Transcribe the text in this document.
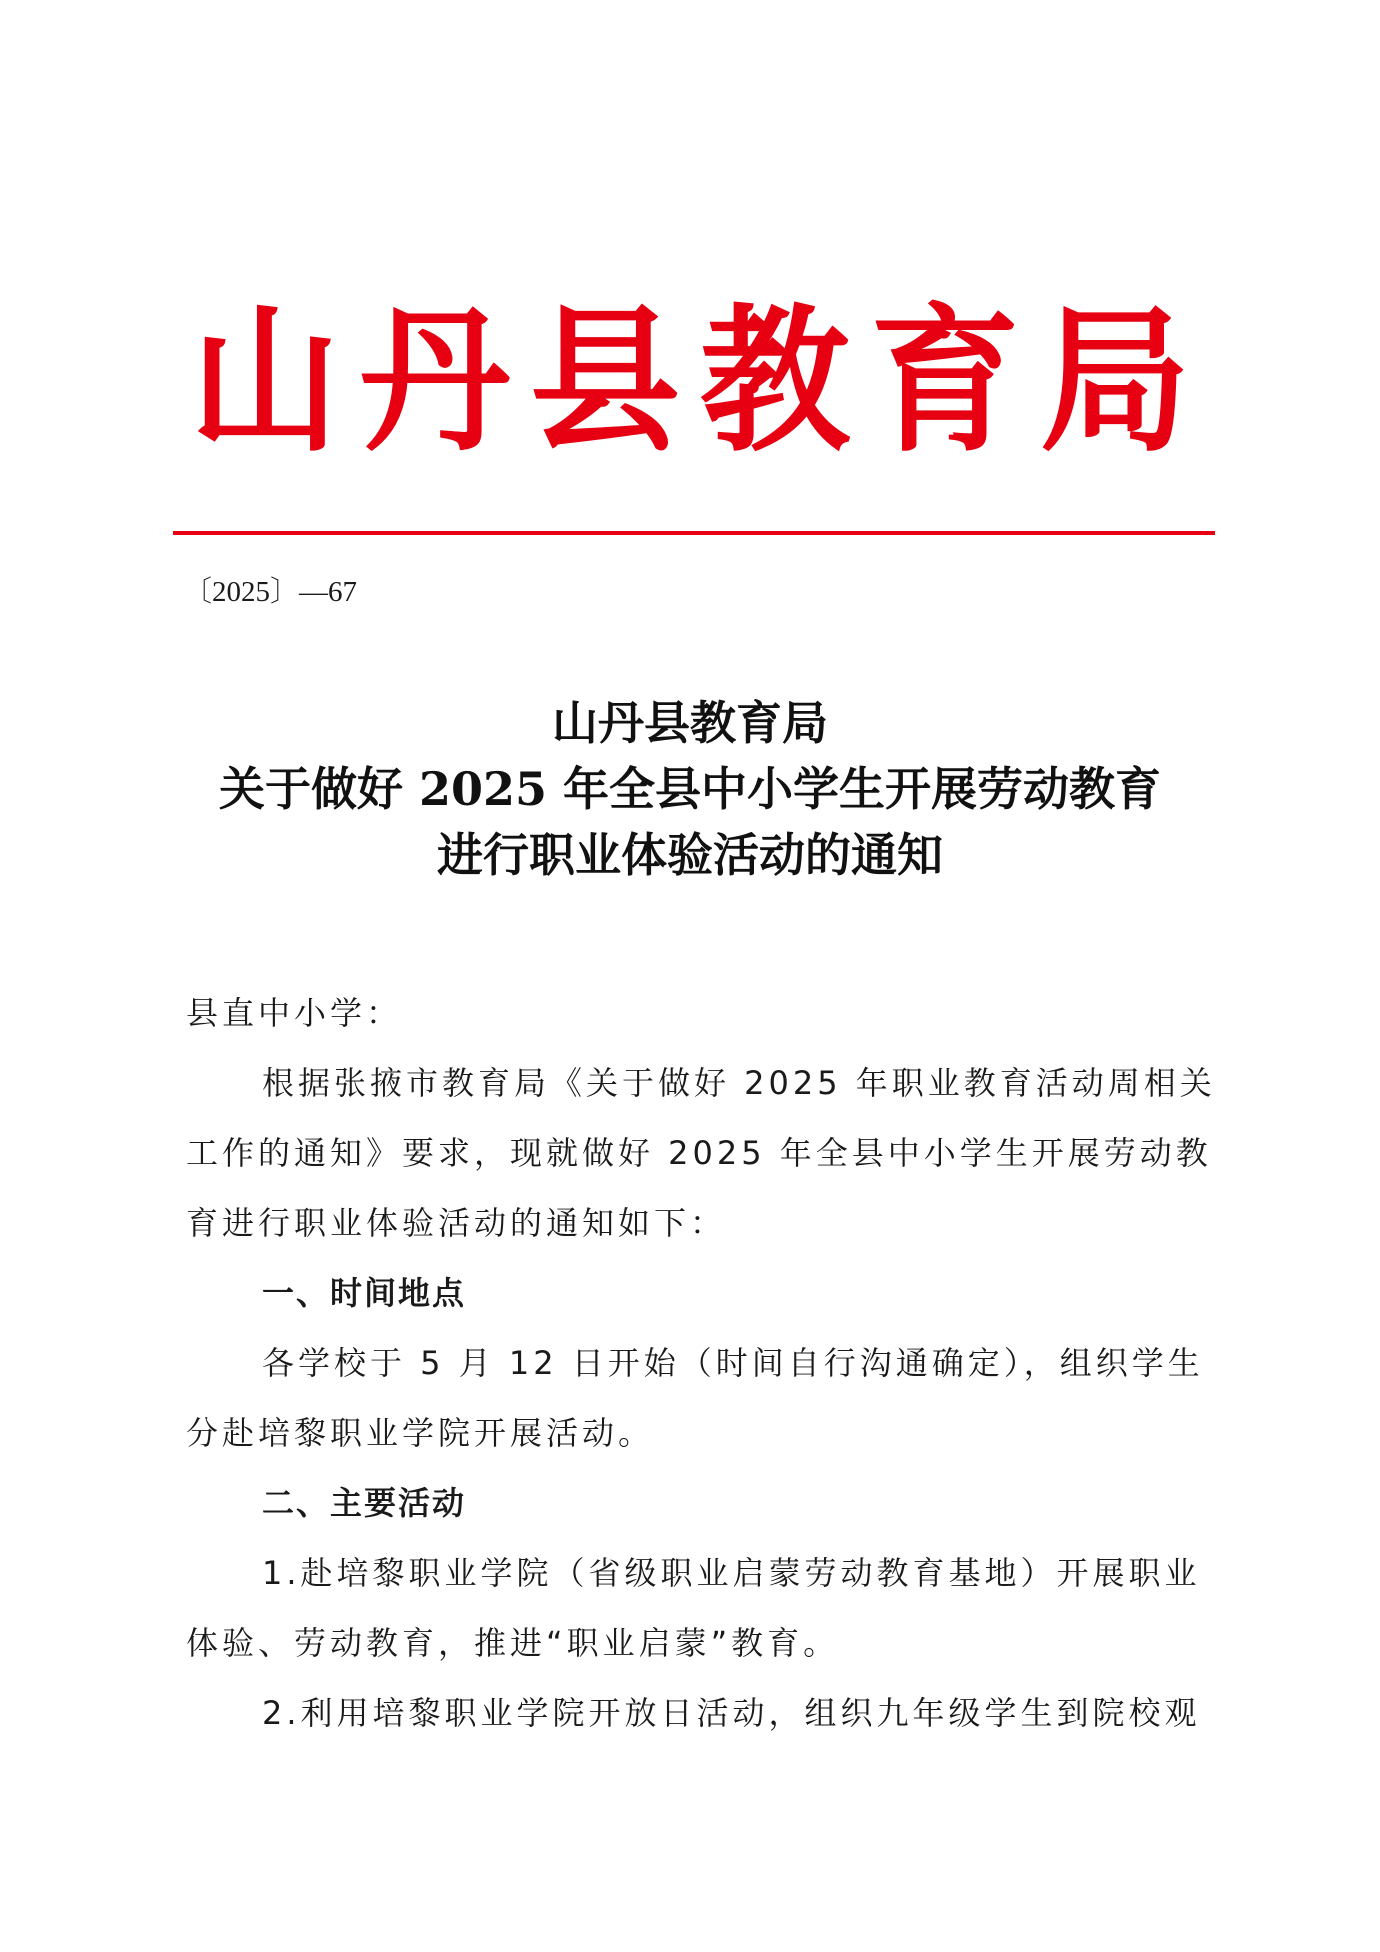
山丹县教育局
〔2025〕—67
山丹县教育局
关于做好 2025 年全县中小学生开展劳动教育
进行职业体验活动的通知

县直中小学：

根据张掖市教育局《关于做好 2025 年职业教育活动周相关工作的通知》要求，现就做好 2025 年全县中小学生开展劳动教育进行职业体验活动的通知如下：

一、时间地点

各学校于 5 月 12 日开始（时间自行沟通确定），组织学生分赴培黎职业学院开展活动。

二、主要活动

1.赴培黎职业学院（省级职业启蒙劳动教育基地）开展职业体验、劳动教育，推进“职业启蒙”教育。

2.利用培黎职业学院开放日活动，组织九年级学生到院校观
